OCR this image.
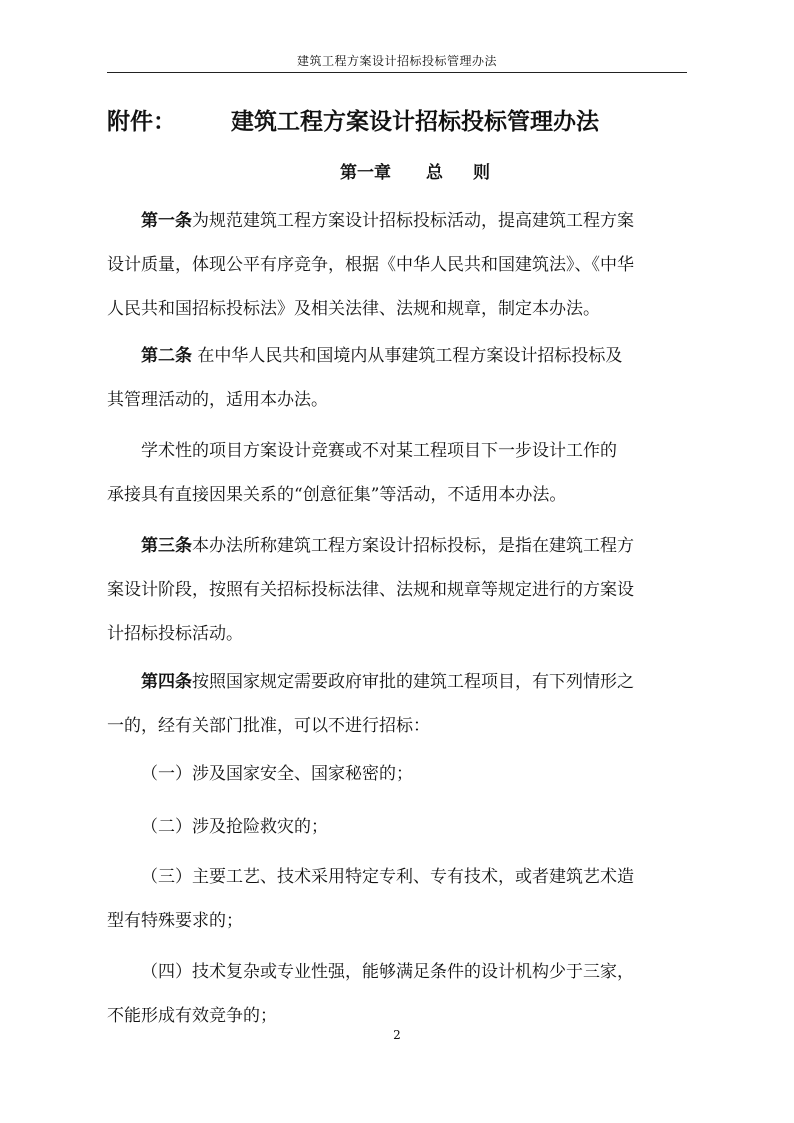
建筑工程方案设计招标投标管理办法
附件： 建筑工程方案设计招标投标管理办法
第一章 总 则
第一条为规范建筑工程方案设计招标投标活动，提高建筑工程方案
设计质量，体现公平有序竞争，根据《中华人民共和国建筑法》、《中华
人民共和国招标投标法》及相关法律、法规和规章，制定本办法。
第二条 在中华人民共和国境内从事建筑工程方案设计招标投标及
其管理活动的，适用本办法。
学术性的项目方案设计竞赛或不对某工程项目下一步设计工作的
承接具有直接因果关系的“创意征集”等活动，不适用本办法。
第三条本办法所称建筑工程方案设计招标投标，是指在建筑工程方
案设计阶段，按照有关招标投标法律、法规和规章等规定进行的方案设
计招标投标活动。
第四条按照国家规定需要政府审批的建筑工程项目，有下列情形之
一的，经有关部门批准，可以不进行招标：
（一）涉及国家安全、国家秘密的；
（二）涉及抢险救灾的；
（三）主要工艺、技术采用特定专利、专有技术，或者建筑艺术造
型有特殊要求的；
（四）技术复杂或专业性强，能够满足条件的设计机构少于三家，
不能形成有效竞争的；
2
